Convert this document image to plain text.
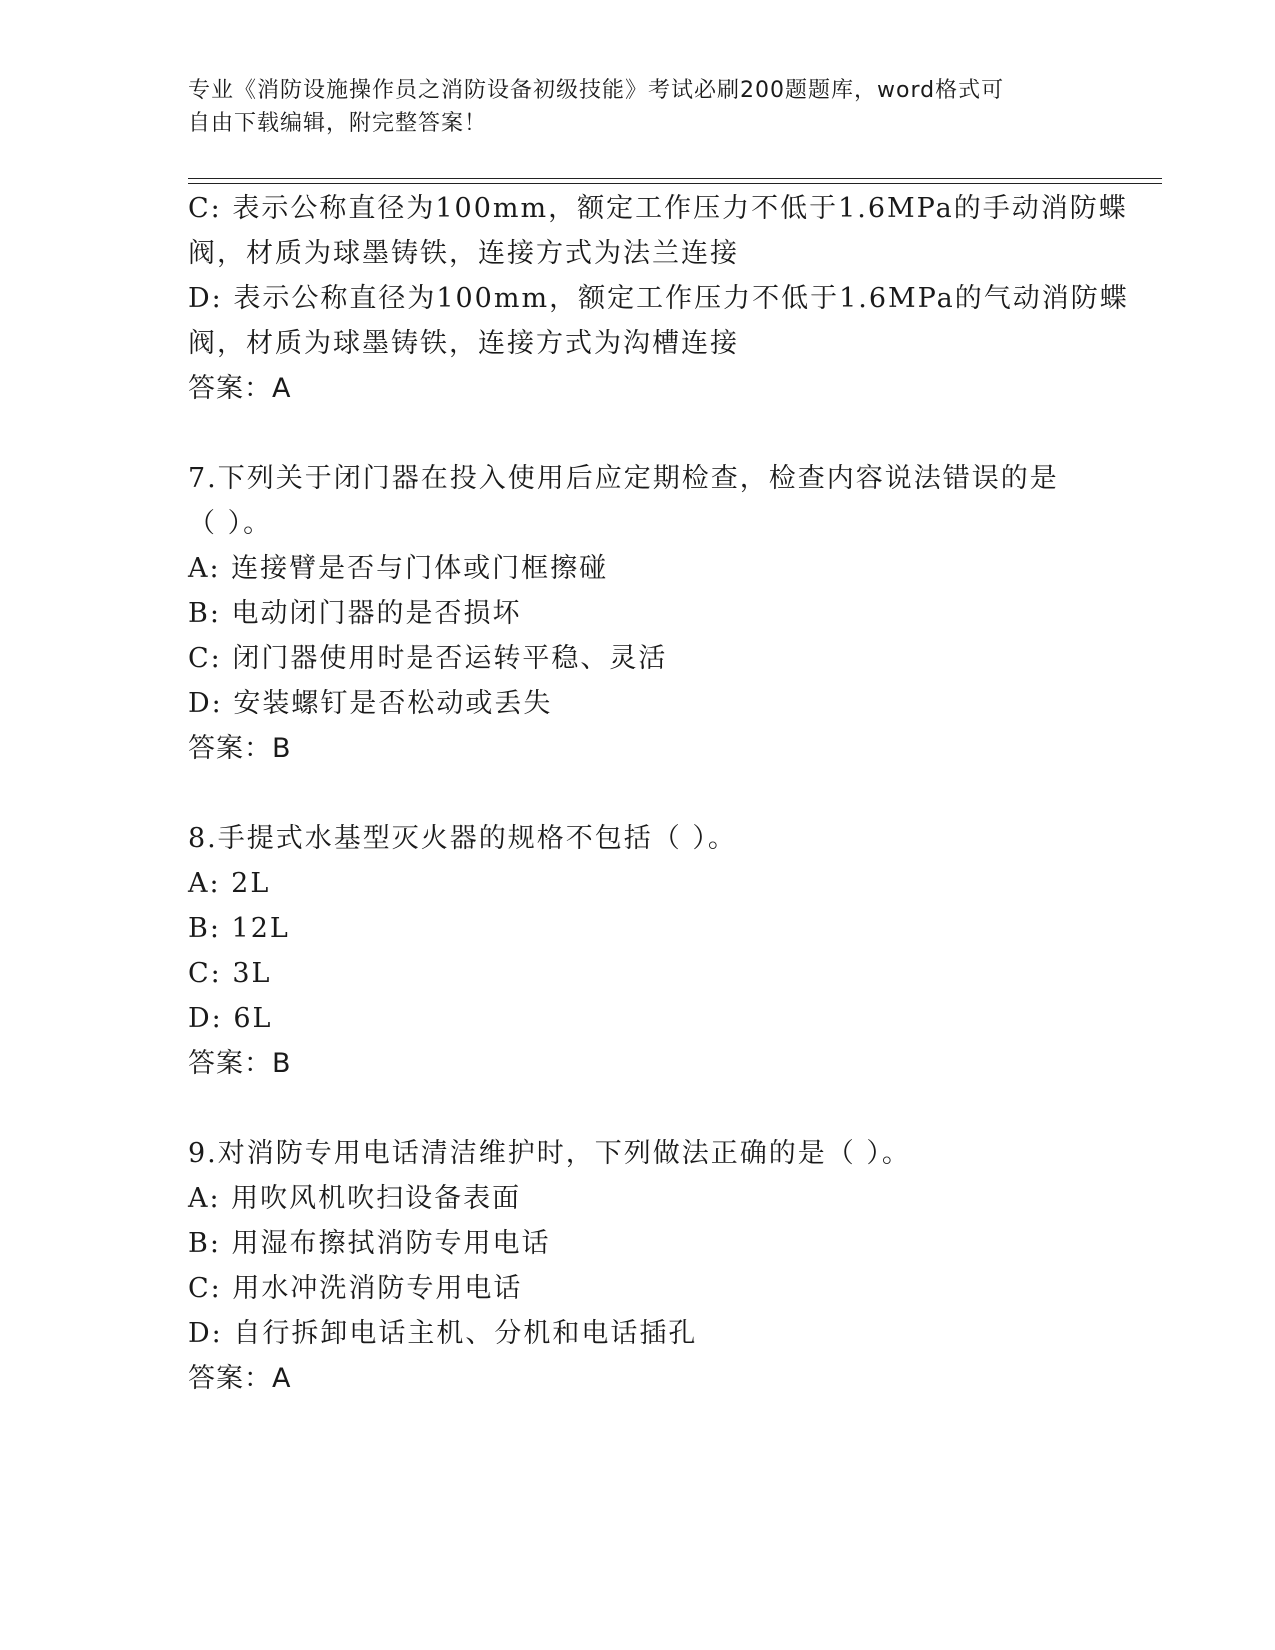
专业《消防设施操作员之消防设备初级技能》考试必刷200题题库，word格式可
自由下载编辑，附完整答案！
C: 表示公称直径为100mm，额定工作压力不低于1.6MPa的手动消防蝶
阀，材质为球墨铸铁，连接方式为法兰连接
D: 表示公称直径为100mm，额定工作压力不低于1.6MPa的气动消防蝶
阀，材质为球墨铸铁，连接方式为沟槽连接
答案：A
7.下列关于闭门器在投入使用后应定期检查，检查内容说法错误的是
（ ）。
A: 连接臂是否与门体或门框擦碰
B: 电动闭门器的是否损坏
C: 闭门器使用时是否运转平稳、灵活
D: 安装螺钉是否松动或丢失
答案：B
8.手提式水基型灭火器的规格不包括（ ）。
A: 2L
B: 12L
C: 3L
D: 6L
答案：B
9.对消防专用电话清洁维护时，下列做法正确的是（ ）。
A: 用吹风机吹扫设备表面
B: 用湿布擦拭消防专用电话
C: 用水冲洗消防专用电话
D: 自行拆卸电话主机、分机和电话插孔
答案：A
